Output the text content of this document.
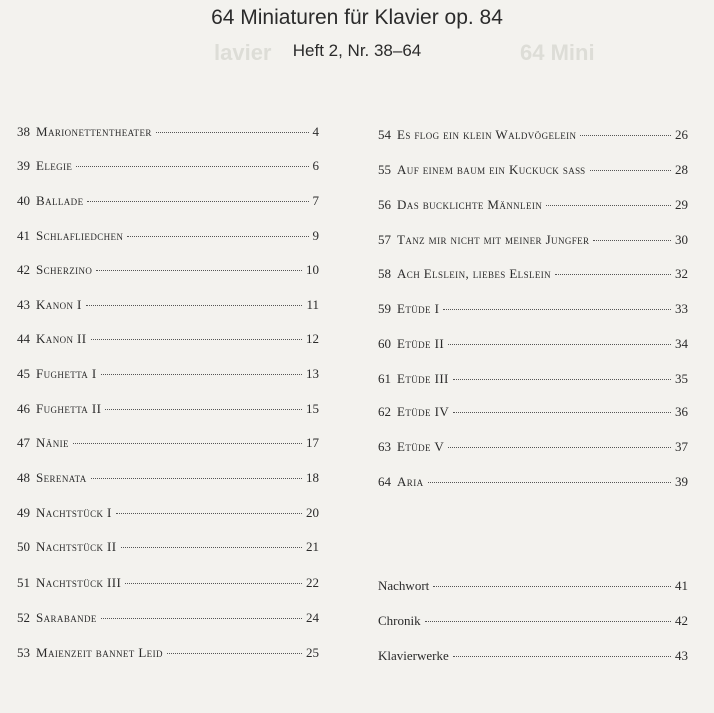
64 Mini
lavier
64 Miniaturen für Klavier op. 84
Heft 2, Nr. 38–64
38 Marionettentheater	4
39 Elegie	6
40 Ballade	7
41 Schlafliedchen	9
42 Scherzino	10
43 Kanon I	11
44 Kanon II	12
45 Fughetta I	13
46 Fughetta II	15
47 Nänie	17
48 Serenata	18
49 Nachtstück I	20
50 Nachtstück II	21
51 Nachtstück III	22
52 Sarabande	24
53 Maienzeit bannet Leid	25
54 Es flog ein klein Waldvögelein	26
55 Auf einem baum ein Kuckuck saß	28
56 Das bucklichte Männlein	29
57 Tanz mir nicht mit meiner Jungfer	30
58 Ach Elslein, liebes Elslein	32
59 Etüde I	33
60 Etüde II	34
61 Etüde III	35
62 Etüde IV	36
63 Etüde V	37
64 Aria	39
Nachwort	41
Chronik	42
Klavierwerke	43
